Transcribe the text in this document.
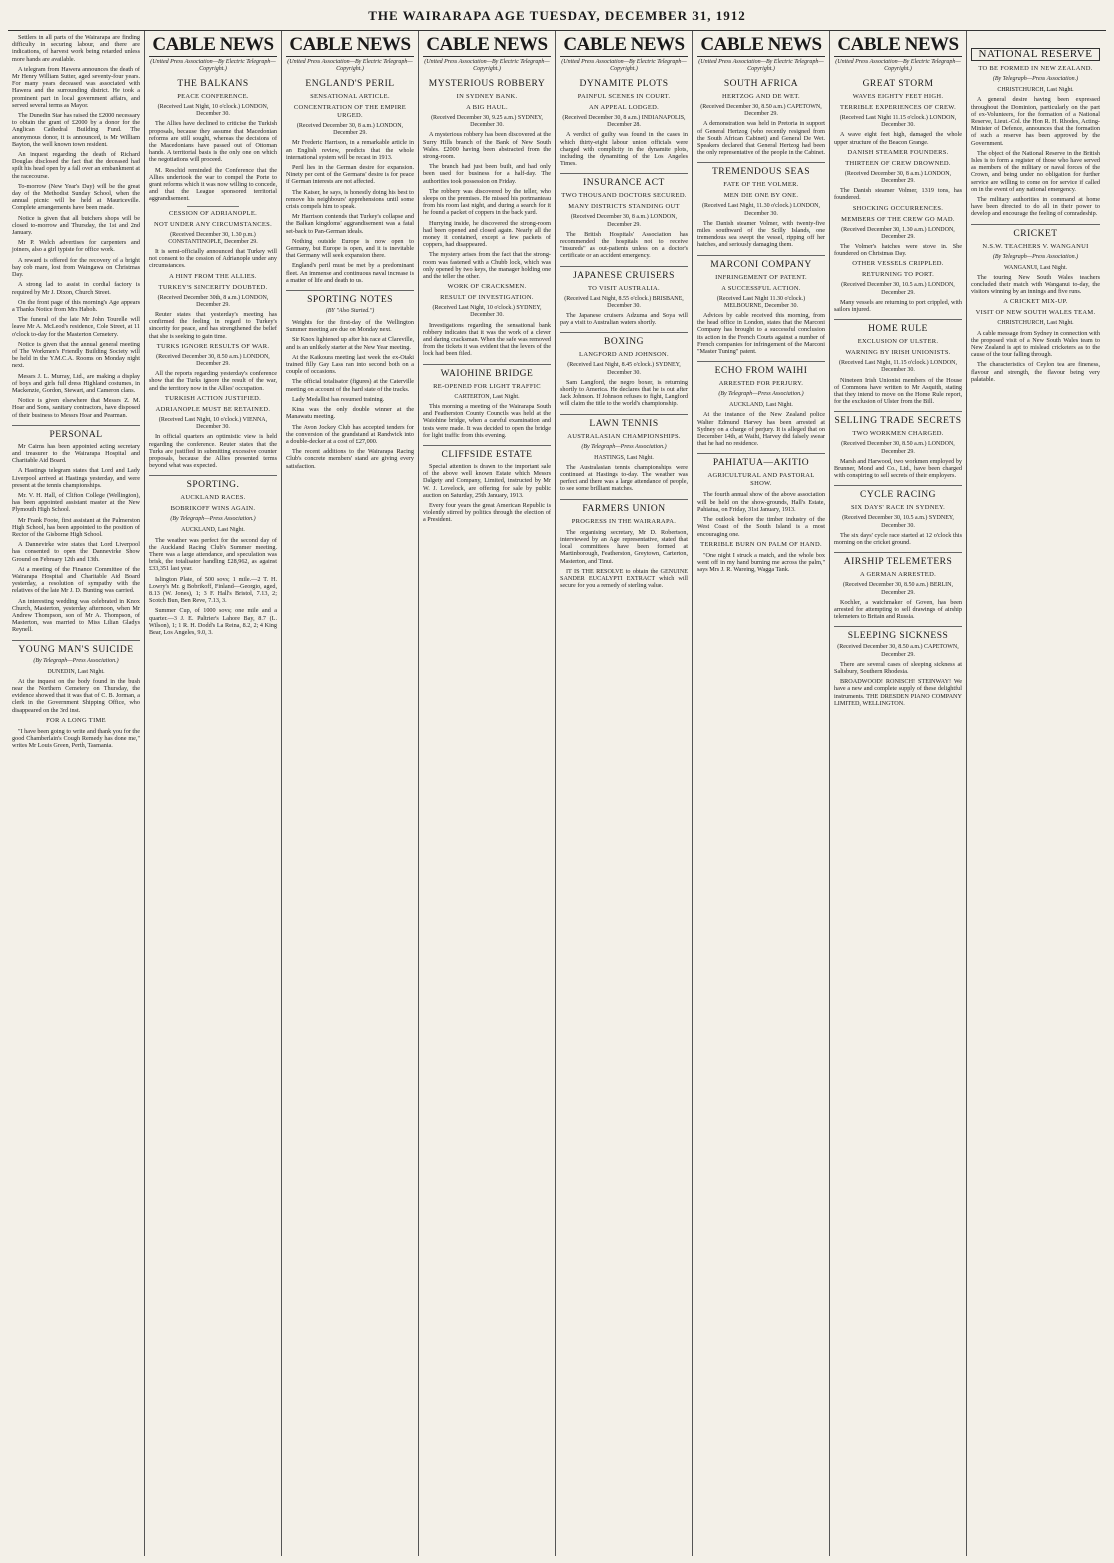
THE WAIRARAPA AGE TUESDAY, DECEMBER 31, 1912

Settlers in all parts of the Wairarapa are finding difficulty in securing labour, and there are indications, of harvest work being retarded unless more hands are available.

A telegram from Hawera announces the death of Mr Henry William Sutter, aged seventy-four years. For many years deceased was associated with Hawera and the surrounding district. He took a prominent part in local government affairs, and served several terms as Mayor.

The Dunedin Star has raised the £2000 necessary to obtain the grant of £2000 by a donor for the Anglican Cathedral Building Fund. The anonymous donor, it is announced, is Mr William Bayton, the well known town resident.

An inquest regarding the death of Richard Douglas disclosed the fact that the deceased had spilt his head open by a fall over an embankment at the racecourse.

To-morrow (New Year's Day) will be the great day of the Methodist Sunday School, when the annual picnic will be held at Mauriceville. Complete arrangements have been made.

Notice is given that all butchers shops will be closed to-morrow and Thursday, the 1st and 2nd January.

Mr P. Welch advertises for carpenters and joiners, also a girl typiste for office work.

A reward is offered for the recovery of a bright bay cob mare, lost from Waingawa on Christmas Day.

A strong lad to assist in cordial factory is required by Mr J. Dixon, Church Street.

On the front page of this morning's Age appears a Thanks Notice from Mrs Haboh.

The funeral of the late Mr John Tourelle will leave Mr A. McLeod's residence, Cole Street, at 11 o'clock to-day for the Masterton Cemetery.

Notice is given that the annual general meeting of The Workmen's Friendly Building Society will be held in the Y.M.C.A. Rooms on Monday night next.

Messrs J. L. Murray, Ltd., are making a display of boys and girls full dress Highland costumes, in Mackenzie, Gordon, Stewart, and Cameron clans.

Notice is given elsewhere that Messrs Z. M. Hoar and Sons, sanitary contractors, have disposed of their business to Messrs Hoar and Pearman.

PERSONAL

Mr Cairns has been appointed acting secretary and treasurer to the Wairarapa Hospital and Charitable Aid Board.

A Hastings telegram states that Lord and Lady Liverpool arrived at Hastings yesterday, and were present at the tennis championships.

Mr. V. H. Hall, of Clifton College (Wellington), has been appointed assistant master at the New Plymouth High School.

Mr Frank Foote, first assistant at the Palmerston High School, has been appointed to the position of Rector of the Gisborne High School.

A Dannevirke wire states that Lord Liverpool has consented to open the Dannevirke Show Ground on February 12th and 13th.

At a meeting of the Finance Committee of the Wairarapa Hospital and Charitable Aid Board yesterday, a resolution of sympathy with the relatives of the late Mr J. D. Bunting was carried.

An interesting wedding was celebrated in Knox Church, Masterton, yesterday afternoon, when Mr Andrew Thompson, son of Mr A. Thompson, of Masterton, was married to Miss Lilian Gladys Reynell.

YOUNG MAN'S SUICIDE
(By Telegraph—Press Association.)
DUNEDIN, Last Night.

At the inquest on the body found in the bush near the Northern Cemetery on Thursday, the evidence showed that it was that of C. B. Jorman, a clerk in the Government Shipping Office, who disappeared on the 3rd inst.

FOR A LONG TIME

"I have been going to write and thank you for the good Chamberlain's Cough Remedy has done me," writes Mr Louis Green, Perth, Tasmania.

CABLE NEWS
(United Press Association—By Electric Telegraph—Copyright.)
THE BALKANS
PEACE CONFERENCE.
(Received Last Night, 10 o'clock.) LONDON, December 30.

The Allies have declined to criticise the Turkish proposals, because they assume that Macedonian reforms are still sought, whereas the decisions of the Macedonians have passed out of Ottoman hands. A territorial basis is the only one on which the negotiations will proceed.

M. Reschid reminded the Conference that the Allies undertook the war to compel the Porte to grant reforms which it was now willing to concede, and that the League sponsored territorial aggrandisement.

CESSION OF ADRIANOPLE.
NOT UNDER ANY CIRCUMSTANCES.
(Received December 30, 1.30 p.m.) CONSTANTINOPLE, December 29.

It is semi-officially announced that Turkey will not consent to the cession of Adrianople under any circumstances.

A HINT FROM THE ALLIES.
TURKEY'S SINCERITY DOUBTED.
(Received December 30th, 8 a.m.) LONDON, December 29.

Reuter states that yesterday's meeting has confirmed the feeling in regard to Turkey's sincerity for peace, and has strengthened the belief that she is seeking to gain time.

TURKS IGNORE RESULTS OF WAR.
(Received December 30, 8.50 a.m.) LONDON, December 29.

All the reports regarding yesterday's conference show that the Turks ignore the result of the war, and the territory now in the Allies' occupation.

TURKISH ACTION JUSTIFIED.
ADRIANOPLE MUST BE RETAINED.
(Received Last Night, 10 o'clock.) VIENNA, December 30.

In official quarters an optimistic view is held regarding the conference. Reuter states that the Turks are justified in submitting excessive counter proposals, because the Allies presented terms beyond what was expected.

SPORTING.
AUCKLAND RACES.
BOBRIKOFF WINS AGAIN.
(By Telegraph—Press Association.)
AUCKLAND, Last Night.

The weather was perfect for the second day of the Auckland Racing Club's Summer meeting. There was a large attendance, and speculation was brisk, the totalisator handling £28,962, as against £33,351 last year.

Islington Plate, of 500 sovs; 1 mile.—2 T. H. Lowry's Mr. g Bobrikoff, Finland—Georgio, aged, 8.13 (W. Jones), 1; 3 F. Hall's Bristol, 7.13, 2; Scotch Bun, Ben Reve, 7.13, 3.

Summer Cup, of 1000 sovs; one mile and a quarter.—3 J. E. Paltrier's Lahore Bay, 8.7 (L. Wilson), 1; 1 R. H. Dodd's La Reina, 8.2, 2; 4 King Bear, Los Angeles, 9.0, 3.

CABLE NEWS
(United Press Association—By Electric Telegraph—Copyright.)
ENGLAND'S PERIL
SENSATIONAL ARTICLE.
CONCENTRATION OF THE EMPIRE URGED.
(Received December 30, 8 a.m.) LONDON, December 29.

Mr Frederic Harrison, in a remarkable article in an English review, predicts that the whole international system will be recast in 1913.

Peril lies in the German desire for expansion. Ninety per cent of the Germans' desire is for peace if German interests are not affected.

The Kaiser, he says, is honestly doing his best to remove his neighbours' apprehensions until some crisis compels him to speak.

Mr Harrison contends that Turkey's collapse and the Balkan kingdoms' aggrandisement was a fatal set-back to Pan-German ideals.

Nothing outside Europe is now open to Germany, but Europe is open, and it is inevitable that Germany will seek expansion there.

England's peril must be met by a predominant fleet. An immense and continuous naval increase is a matter of life and death to us.

SPORTING NOTES
(BY "Also Started.")

Weights for the first-day of the Wellington Summer meeting are due on Monday next.

Sir Knox lightened up after his race at Clareville, and is an unlikely starter at the New Year meeting.

At the Kaikoura meeting last week the ex-Otaki trained filly Gay Lass ran into second both on a couple of occasions.

The official totalisator (figures) at the Caterville meeting on account of the hard state of the tracks.

Lady Medallist has resumed training.

Kina was the only double winner at the Manawatu meeting.

The Avon Jockey Club has accepted tenders for the conversion of the grandstand at Randwick into a double-decker at a cost of £27,000.

The recent additions to the Wairarapa Racing Club's concrete members' stand are giving every satisfaction.

CABLE NEWS
(United Press Association—By Electric Telegraph—Copyright.)
MYSTERIOUS ROBBERY
IN SYDNEY BANK.
A BIG HAUL.
(Received December 30, 9.25 a.m.) SYDNEY, December 30.

A mysterious robbery has been discovered at the Surry Hills branch of the Bank of New South Wales. £2000 having been abstracted from the strong-room.

The branch had just been built, and had only been used for business for a half-day. The authorities took possession on Friday.

The robbery was discovered by the teller, who sleeps on the premises. He missed his portmanteau from his room last night, and during a search for it he found a packet of coppers in the back yard.

Hurrying inside, he discovered the strong-room had been opened and closed again. Nearly all the money it contained, except a few packets of coppers, had disappeared.

The mystery arises from the fact that the strong-room was fastened with a Chubb lock, which was only opened by two keys, the manager holding one and the teller the other.

WORK OF CRACKSMEN.
RESULT OF INVESTIGATION.
(Received Last Night, 10 o'clock.) SYDNEY, December 30.

Investigations regarding the sensational bank robbery indicates that it was the work of a clever and daring cracksman. When the safe was removed from the tickets it was evident that the levers of the lock had been filed.

WAIOHINE BRIDGE
RE-OPENED FOR LIGHT TRAFFIC
CARTERTON, Last Night.

This morning a meeting of the Wairarapa South and Featherston County Councils was held at the Waiohine bridge, when a careful examination and tests were made. It was decided to open the bridge for light traffic from this evening.

CLIFFSIDE ESTATE

Special attention is drawn to the important sale of the above well known Estate which Messrs Dalgety and Company, Limited, instructed by Mr W. J. Lovelock, are offering for sale by public auction on Saturday, 25th January, 1913.

Every four years the great American Republic is violently stirred by politics through the election of a President.

CABLE NEWS
(United Press Association—By Electric Telegraph—Copyright.)
DYNAMITE PLOTS
PAINFUL SCENES IN COURT.
AN APPEAL LODGED.
(Received December 30, 8 a.m.) INDIANAPOLIS, December 28.

A verdict of guilty was found in the cases in which thirty-eight labour union officials were charged with complicity in the dynamite plots, including the dynamiting of the Los Angeles Times.

INSURANCE ACT
TWO THOUSAND DOCTORS SECURED.
MANY DISTRICTS STANDING OUT
(Received December 30, 8 a.m.) LONDON, December 29.

The British Hospitals' Association has recommended the hospitals not to receive "insureds" as out-patients unless on a doctor's certificate or an accident emergency.

JAPANESE CRUISERS
TO VISIT AUSTRALIA.
(Received Last Night, 8.55 o'clock.) BRISBANE, December 30.

The Japanese cruisers Adzuma and Soya will pay a visit to Australian waters shortly.

BOXING
LANGFORD AND JOHNSON.
(Received Last Night, 8.45 o'clock.) SYDNEY, December 30.

Sam Langford, the negro boxer, is returning shortly to America. He declares that he is out after Jack Johnson. If Johnson refuses to fight, Langford will claim the title to the world's championship.

LAWN TENNIS
AUSTRALASIAN CHAMPIONSHIPS.
(By Telegraph—Press Association.)
HASTINGS, Last Night.

The Australasian tennis championships were continued at Hastings to-day. The weather was perfect and there was a large attendance of people, to see some brilliant matches.

FARMERS UNION
PROGRESS IN THE WAIRARAPA.

The organising secretary, Mr D. Robertson, interviewed by an Age representative, stated that local committees have been formed at Martinborough, Featherston, Greytown, Carterton, Masterton, and Tinui.

IT IS THE RESOLVE to obtain the GENUINE SANDER EUCALYPTI EXTRACT which will secure for you a remedy of sterling value.

CABLE NEWS
(United Press Association—By Electric Telegraph—Copyright.)
SOUTH AFRICA
HERTZOG AND DE WET.
(Received December 30, 8.50 a.m.) CAPETOWN, December 29.

A demonstration was held in Pretoria in support of General Hertzog (who recently resigned from the South African Cabinet) and General De Wet. Speakers declared that General Hertzog had been the only representative of the people in the Cabinet.

TREMENDOUS SEAS
FATE OF THE VOLMER.
MEN DIE ONE BY ONE.
(Received Last Night, 11.30 o'clock.) LONDON, December 30.

The Danish steamer Volmer, with twenty-five miles southward of the Scilly Islands, one tremendous sea swept the vessel, ripping off her hatches, and seriously damaging them.

MARCONI COMPANY
INFRINGEMENT OF PATENT.
A SUCCESSFUL ACTION.
(Received Last Night 11.30 o'clock.) MELBOURNE, December 30.

Advices by cable received this morning, from the head office in London, states that the Marconi Company has brought to a successful conclusion its action in the French Courts against a number of French companies for infringement of the Marconi "Master Tuning" patent.

ECHO FROM WAIHI
ARRESTED FOR PERJURY.
(By Telegraph—Press Association.)
AUCKLAND, Last Night.

At the instance of the New Zealand police Walter Edmund Harvey has been arrested at Sydney on a charge of perjury. It is alleged that on December 14th, at Waihi, Harvey did falsely swear that he had no residence.

PAHIATUA—AKITIO
AGRICULTURAL AND PASTORAL SHOW.

The fourth annual show of the above association will be held on the show-grounds, Hall's Estate, Pahiatua, on Friday, 31st January, 1913.

The outlook before the timber industry of the West Coast of the South Island is a most encouraging one.

TERRIBLE BURN ON PALM OF HAND.

"One night I struck a match, and the whole box went off in my hand burning me across the palm," says Mrs J. R. Wareing, Wagga Tank.

CABLE NEWS
(United Press Association—By Electric Telegraph—Copyright.)
GREAT STORM
WAVES EIGHTY FEET HIGH.
TERRIBLE EXPERIENCES OF CREW.
(Received Last Night 11.15 o'clock.) LONDON, December 30.

A wave eight feet high, damaged the whole upper structure of the Beacon Grange.

DANISH STEAMER FOUNDERS.
THIRTEEN OF CREW DROWNED.
(Received December 30, 8 a.m.) LONDON, December 29.

The Danish steamer Volmer, 1319 tons, has foundered.

SHOCKING OCCURRENCES.
MEMBERS OF THE CREW GO MAD.
(Received December 30, 1.30 a.m.) LONDON, December 29.

The Volmer's hatches were stove in. She foundered on Christmas Day.

OTHER VESSELS CRIPPLED.
RETURNING TO PORT.
(Received December 30, 10.5 a.m.) LONDON, December 29.

Many vessels are returning to port crippled, with sailors injured.

HOME RULE
EXCLUSION OF ULSTER.
WARNING BY IRISH UNIONISTS.
(Received Last Night, 11.15 o'clock.) LONDON, December 30.

Nineteen Irish Unionist members of the House of Commons have written to Mr Asquith, stating that they intend to move on the Home Rule report, for the exclusion of Ulster from the Bill.

SELLING TRADE SECRETS
TWO WORKMEN CHARGED.
(Received December 30, 8.50 a.m.) LONDON, December 29.

Marsh and Harwood, two workmen employed by Brunner, Mond and Co., Ltd., have been charged with conspiring to sell secrets of their employers.

CYCLE RACING
SIX DAYS' RACE IN SYDNEY.
(Received December 30, 10.5 a.m.) SYDNEY, December 30.

The six days' cycle race started at 12 o'clock this morning on the cricket ground.

AIRSHIP TELEMETERS
A GERMAN ARRESTED.
(Received December 30, 8.50 a.m.) BERLIN, December 29.

Kochler, a watchmaker of Goven, has been arrested for attempting to sell drawings of airship telemeters to Britain and Russia.

SLEEPING SICKNESS
(Received December 30, 8.50 a.m.) CAPETOWN, December 29.

There are several cases of sleeping sickness at Salisbury, Southern Rhodesia.

BROADWOOD! RONISCH! STEINWAY! We have a new and complete supply of these delightful instruments. THE DRESDEN PIANO COMPANY LIMITED, WELLINGTON.

NATIONAL RESERVE
TO BE FORMED IN NEW ZEALAND.
(By Telegraph—Press Association.)
CHRISTCHURCH, Last Night.

A general desire having been expressed throughout the Dominion, particularly on the part of ex-Volunteers, for the formation of a National Reserve, Lieut.-Col. the Hon R. H. Rhodes, Acting-Minister of Defence, announces that the formation of such a reserve has been approved by the Government.

The object of the National Reserve in the British Isles is to form a register of those who have served as members of the military or naval forces of the Crown, and being under no obligation for further service are willing to come on for service if called on in the event of any national emergency.

The military authorities in command at home have been directed to do all in their power to develop and encourage the feeling of comradeship.

CRICKET
N.S.W. TEACHERS V. WANGANUI
(By Telegraph—Press Association.)
WANGANUI, Last Night.

The touring New South Wales teachers concluded their match with Wanganui to-day, the visitors winning by an innings and five runs.

A CRICKET MIX-UP.
VISIT OF NEW SOUTH WALES TEAM.
CHRISTCHURCH, Last Night.

A cable message from Sydney in connection with the proposed visit of a New South Wales team to New Zealand is apt to mislead cricketers as to the cause of the tour falling through.

The characteristics of Ceylon tea are fineness, flavour and strength, the flavour being very palatable.
